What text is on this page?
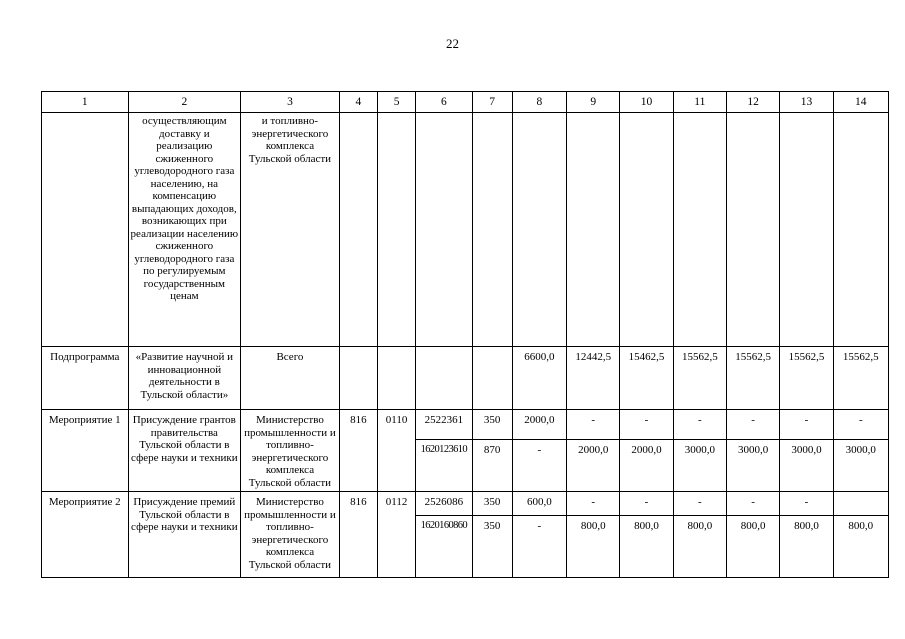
22
1	2	3	4	5	6	7	8	9	10	11	12	13	14
	осуществляющим доставку и реализацию сжиженного углеводородного газа населению, на компенсацию выпадающих доходов, возникающих при реализации населению сжиженного углеводородного газа по регулируемым государственным ценам	и топливно-энергетического комплекса Тульской области											
Подпрограмма	«Развитие научной и инновационной деятельности в Тульской области»	Всего					6600,0	12442,5	15462,5	15562,5	15562,5	15562,5	15562,5
Мероприятие 1	Присуждение грантов правительства Тульской области в сфере науки и техники	Министерство промышленности и топливно-энергетического комплекса Тульской области	816	0110	2522361	350	2000,0	-	-	-	-	-	-
					1620123610	870	-	2000,0	2000,0	3000,0	3000,0	3000,0	3000,0
Мероприятие 2	Присуждение премий Тульской области в сфере науки и техники	Министерство промышленности и топливно-энергетического комплекса Тульской области	816	0112	2526086	350	600,0	-	-	-	-	-	
					1620160860	350	-	800,0	800,0	800,0	800,0	800,0	800,0
